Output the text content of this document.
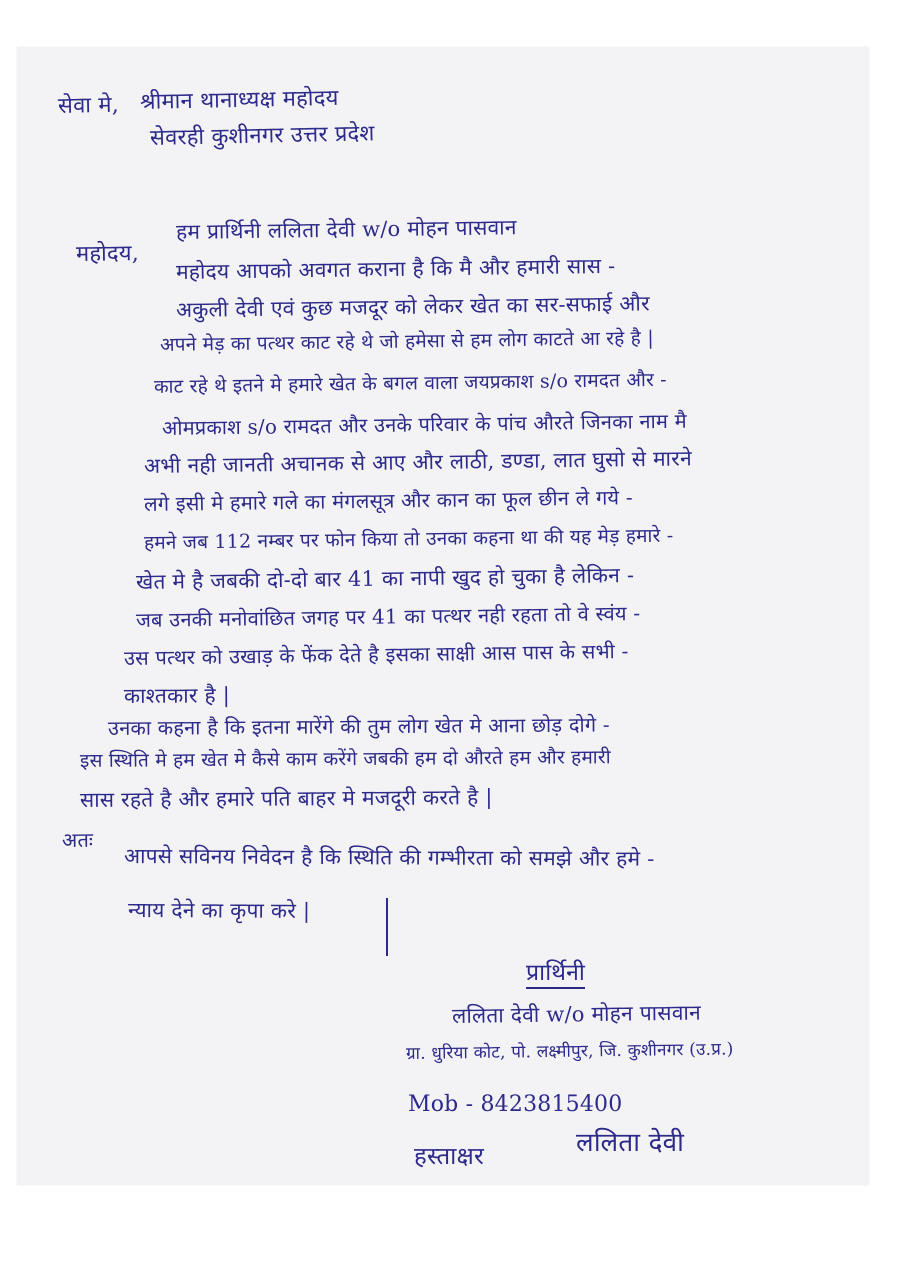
सेवा मे, श्रीमान थानाध्यक्ष महोदय
सेवरही कुशीनगर उत्तर प्रदेश
महोदय,
हम प्रार्थिनी ललिता देवी w/o मोहन पासवान
महोदय आपको अवगत कराना है कि मै और हमारी सास -
अकुली देवी एवं कुछ मजदूर को लेकर खेत का सर-सफाई और
अपने मेड़ का पत्थर काट रहे थे जो हमेसा से हम लोग काटते आ रहे है |
काट रहे थे इतने मे हमारे खेत के बगल वाला जयप्रकाश s/o रामदत और -
ओमप्रकाश s/o रामदत और उनके परिवार के पांच औरते जिनका नाम मै
अभी नही जानती अचानक से आए और लाठी, डण्डा, लात घुसो से मारने
लगे इसी मे हमारे गले का मंगलसूत्र और कान का फूल छीन ले गये -
हमने जब 112 नम्बर पर फोन किया तो उनका कहना था की यह मेड़ हमारे -
खेत मे है जबकी दो-दो बार 41 का नापी खुद हो चुका है लेकिन -
जब उनकी मनोवांछित जगह पर 41 का पत्थर नही रहता तो वे स्वंय -
उस पत्थर को उखाड़ के फेंक देते है इसका साक्षी आस पास के सभी -
काश्तकार है |
उनका कहना है कि इतना मारेंगे की तुम लोग खेत मे आना छोड़ दोगे -
इस स्थिति मे हम खेत मे कैसे काम करेंगे जबकी हम दो औरते हम और हमारी
सास रहते है और हमारे पति बाहर मे मजदूरी करते है |
अतः
आपसे सविनय निवेदन है कि स्थिति की गम्भीरता को समझे और हमे -
न्याय देने का कृपा करे |
प्रार्थिनी
ललिता देवी w/o मोहन पासवान
ग्रा. धुरिया कोट, पो. लक्ष्मीपुर, जि. कुशीनगर (उ.प्र.)
Mob - 8423815400
हस्ताक्षर	ललिता देवी
